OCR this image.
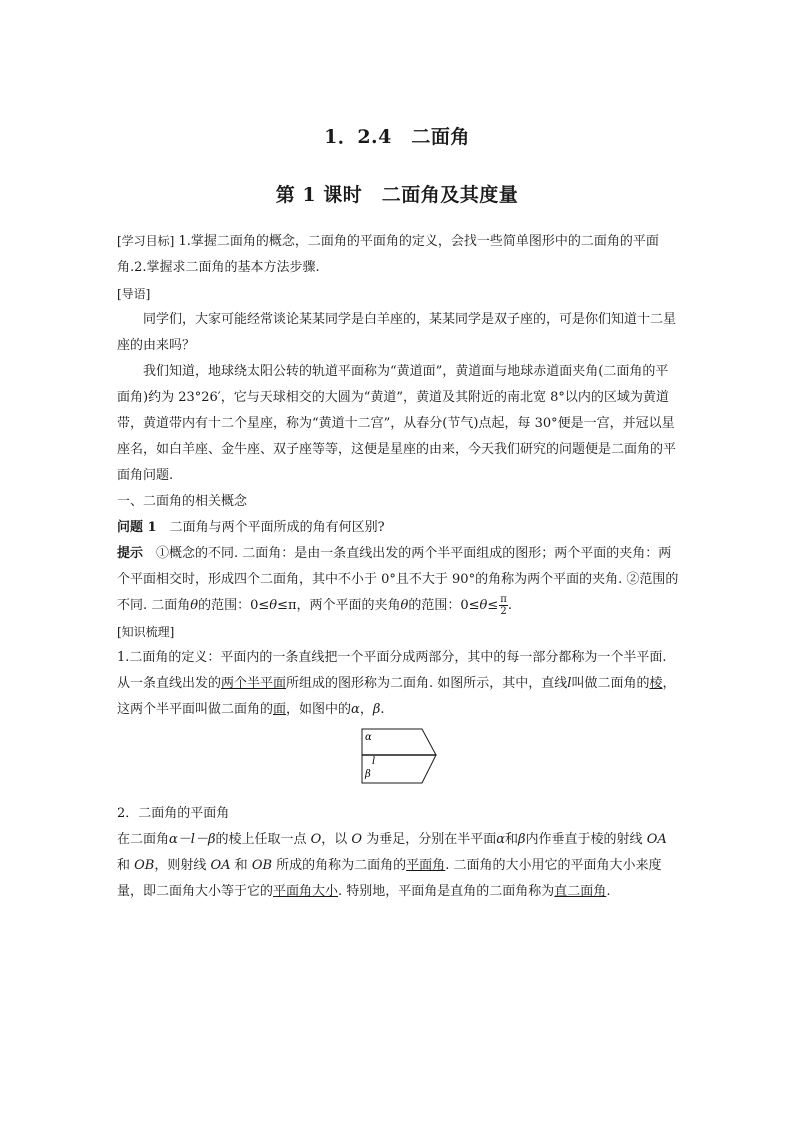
1．2.4　二面角
第 1 课时　二面角及其度量

[学习目标] 1.掌握二面角的概念，二面角的平面角的定义，会找一些简单图形中的二面角的平面角.2.掌握求二面角的基本方法步骤.

[导语]

同学们，大家可能经常谈论某某同学是白羊座的，某某同学是双子座的，可是你们知道十二星座的由来吗？

我们知道，地球绕太阳公转的轨道平面称为“黄道面”，黄道面与地球赤道面夹角(二面角的平面角)约为 23°26′，它与天球相交的大圆为“黄道”，黄道及其附近的南北宽 8°以内的区域为黄道带，黄道带内有十二个星座，称为“黄道十二宫”，从春分(节气)点起，每 30°便是一宫，并冠以星座名，如白羊座、金牛座、双子座等等，这便是星座的由来，今天我们研究的问题便是二面角的平面角问题.

一、二面角的相关概念

问题 1　 二面角与两个平面所成的角有何区别?

提示　 ①概念的不同. 二面角：是由一条直线出发的两个半平面组成的图形；两个平面的夹角：两个平面相交时，形成四个二面角，其中不小于 0°且不大于 90°的角称为两个平面的夹角. ②范围的不同. 二面角θ的范围：0≤θ≤π，两个平面的夹角θ的范围：$0\le\theta\le \frac{\pi}{2}$ .

[知识梳理]

1.二面角的定义：平面内的一条直线把一个平面分成两部分，其中的每一部分都称为一个半平面. 从一条直线出发的两个半平面所组成的图形称为二面角. 如图所示，其中，直线l叫做二面角的棱，这两个半平面叫做二面角的面，如图中的α，β.

α
l
β

2．二面角的平面角

在二面角α－l－β的棱上任取一点 O，以 O 为垂足，分别在半平面α和β内作垂直于棱的射线 OA 和 OB，则射线 OA 和 OB 所成的角称为二面角的平面角. 二面角的大小用它的平面角大小来度量，即二面角大小等于它的平面角大小. 特别地，平面角是直角的二面角称为直二面角.
